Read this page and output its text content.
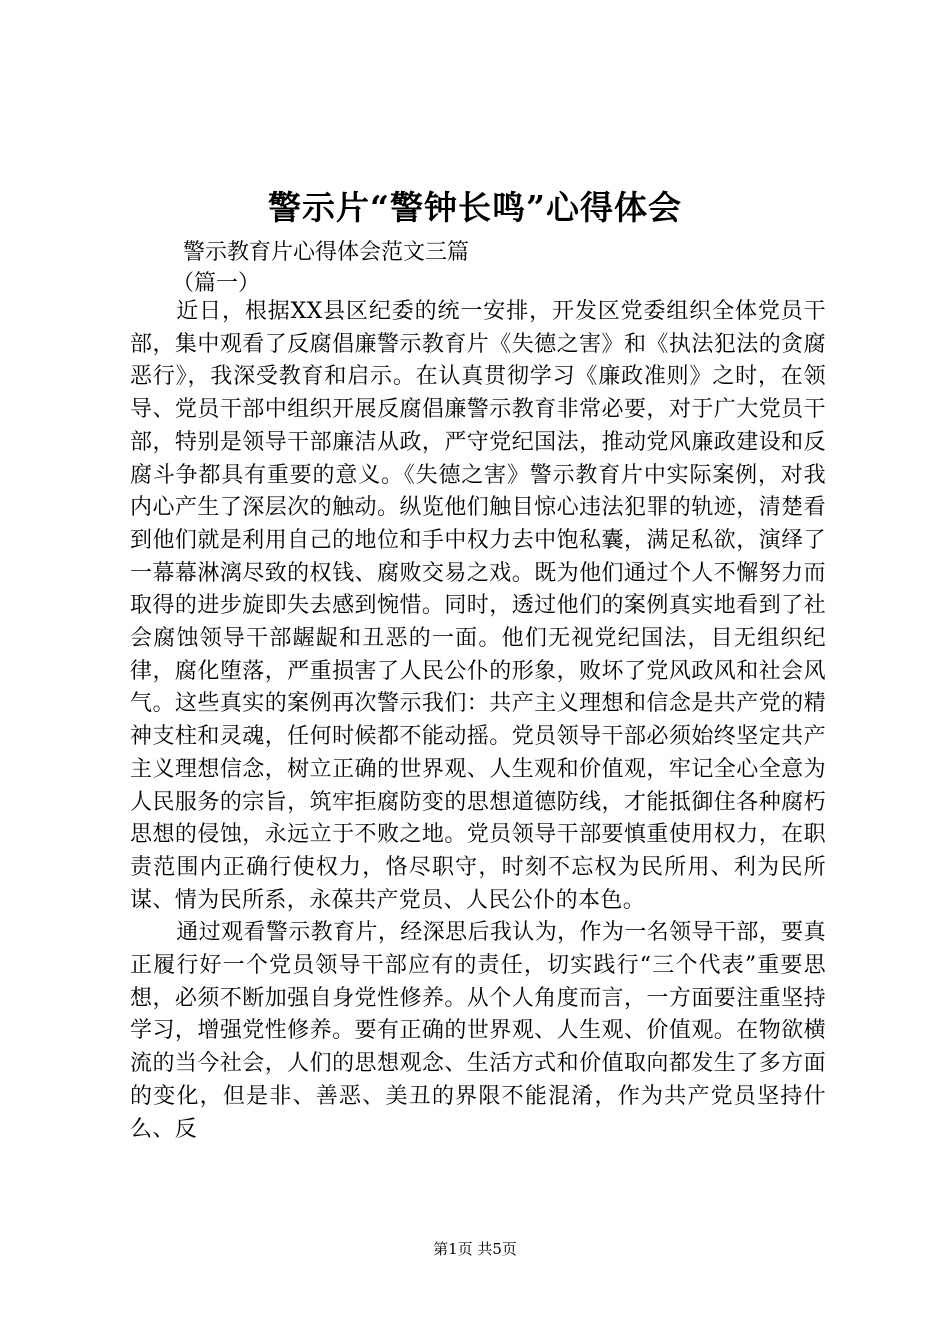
警示片“警钟长鸣”心得体会
警示教育片心得体会范文三篇
（篇一）

近日，根据XX县区纪委的统一安排，开发区党委组织全体党员干部，集中观看了反腐倡廉警示教育片《失德之害》和《执法犯法的贪腐恶行》，我深受教育和启示。在认真贯彻学习《廉政准则》之时，在领导、党员干部中组织开展反腐倡廉警示教育非常必要，对于广大党员干部，特别是领导干部廉洁从政，严守党纪国法，推动党风廉政建设和反腐斗争都具有重要的意义。《失德之害》警示教育片中实际案例，对我内心产生了深层次的触动。纵览他们触目惊心违法犯罪的轨迹，清楚看到他们就是利用自己的地位和手中权力去中饱私囊，满足私欲，演绎了一幕幕淋漓尽致的权钱、腐败交易之戏。既为他们通过个人不懈努力而取得的进步旋即失去感到惋惜。同时，透过他们的案例真实地看到了社会腐蚀领导干部龌龊和丑恶的一面。他们无视党纪国法，目无组织纪律，腐化堕落，严重损害了人民公仆的形象，败坏了党风政风和社会风气。这些真实的案例再次警示我们：共产主义理想和信念是共产党的精神支柱和灵魂，任何时候都不能动摇。党员领导干部必须始终坚定共产主义理想信念，树立正确的世界观、人生观和价值观，牢记全心全意为人民服务的宗旨，筑牢拒腐防变的思想道德防线，才能抵御住各种腐朽思想的侵蚀，永远立于不败之地。党员领导干部要慎重使用权力，在职责范围内正确行使权力，恪尽职守，时刻不忘权为民所用、利为民所谋、情为民所系，永葆共产党员、人民公仆的本色。

通过观看警示教育片，经深思后我认为，作为一名领导干部，要真正履行好一个党员领导干部应有的责任，切实践行“三个代表”重要思想，必须不断加强自身党性修养。从个人角度而言，一方面要注重坚持学习，增强党性修养。要有正确的世界观、人生观、价值观。在物欲横流的当今社会，人们的思想观念、生活方式和价值取向都发生了多方面的变化，但是非、善恶、美丑的界限不能混淆，作为共产党员坚持什么、反

第1页 共5页
